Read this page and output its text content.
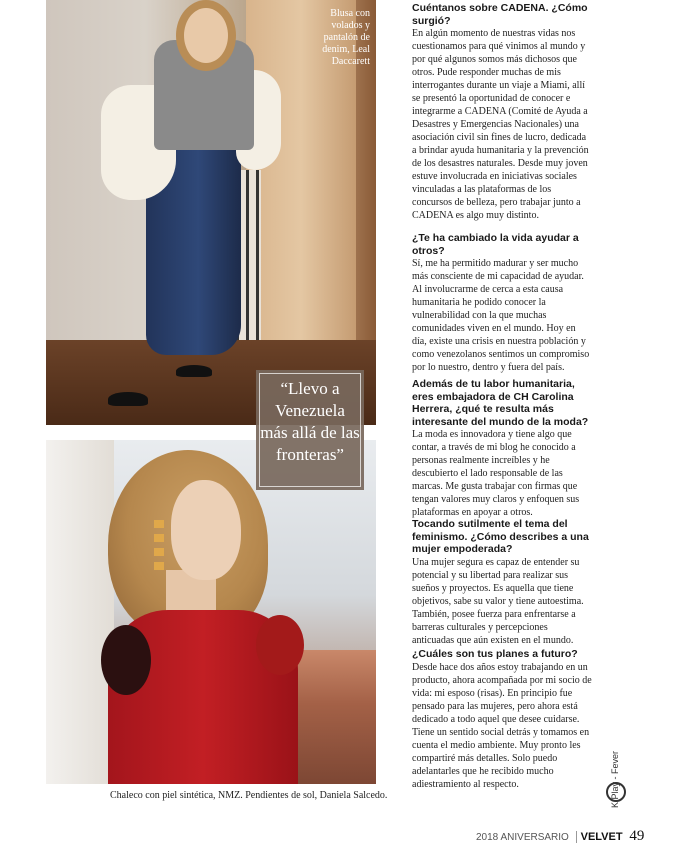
Blusa con volados y pantalón de denim, Leal Daccarett

“Llevo a Venezuela más allá de las fronteras”

Chaleco con piel sintética, NMZ. Pendientes de sol, Daniela Salcedo.

Cuéntanos sobre CADENA. ¿Cómo surgió?

En algún momento de nuestras vidas nos cuestionamos para qué vinimos al mundo y por qué algunos somos más dichosos que otros. Pude responder muchas de mis interrogantes durante un viaje a Miami, allí se presentó la oportunidad de conocer e integrarme a CADENA (Comité de Ayuda a Desastres y Emergencias Nacionales) una asociación civil sin fines de lucro, dedicada a brindar ayuda humanitaria y la prevención de los desastres naturales. Desde muy joven estuve involucrada en iniciativas sociales vinculadas a las plataformas de los concursos de belleza, pero trabajar junto a CADENA es algo muy distinto.

¿Te ha cambiado la vida ayudar a otros?

Sí, me ha permitido madurar y ser mucho más consciente de mi capacidad de ayudar. Al involucrarme de cerca a esta causa humanitaria he podido conocer la vulnerabilidad con la que muchas comunidades viven en el mundo. Hoy en día, existe una crisis en nuestra población y como venezolanos sentimos un compromiso por lo nuestro, dentro y fuera del país.

Además de tu labor humanitaria, eres embajadora de CH Carolina Herrera, ¿qué te resulta más interesante del mundo de la moda?

La moda es innovadora y tiene algo que contar, a través de mi blog he conocido a personas realmente increíbles y he descubierto el lado responsable de las marcas. Me gusta trabajar con firmas que tengan valores muy claros y enfoquen sus plataformas en apoyar a otros.

Tocando sutilmente el tema del feminismo. ¿Cómo describes a una mujer empoderada?

Una mujer segura es capaz de entender su potencial y su libertad para realizar sus sueños y proyectos. Es aquella que tiene objetivos, sabe su valor y tiene autoestima. También, posee fuerza para enfrentarse a barreras culturales y percepciones anticuadas que aún existen en el mundo.

¿Cuáles son tus planes a futuro?

Desde hace dos años estoy trabajando en un producto, ahora acompañada por mi socio de vida: mi esposo (risas). En principio fue pensado para las mujeres, pero ahora está dedicado a todo aquel que desee cuidarse. Tiene un sentido social detrás y tomamos en cuenta el medio ambiente. Muy pronto les compartiré más detalles. Solo puedo adelantarles que he recibido mucho adiestramiento al respecto.	K Play - Fever
2018 ANIVERSARIO VELVET 49
